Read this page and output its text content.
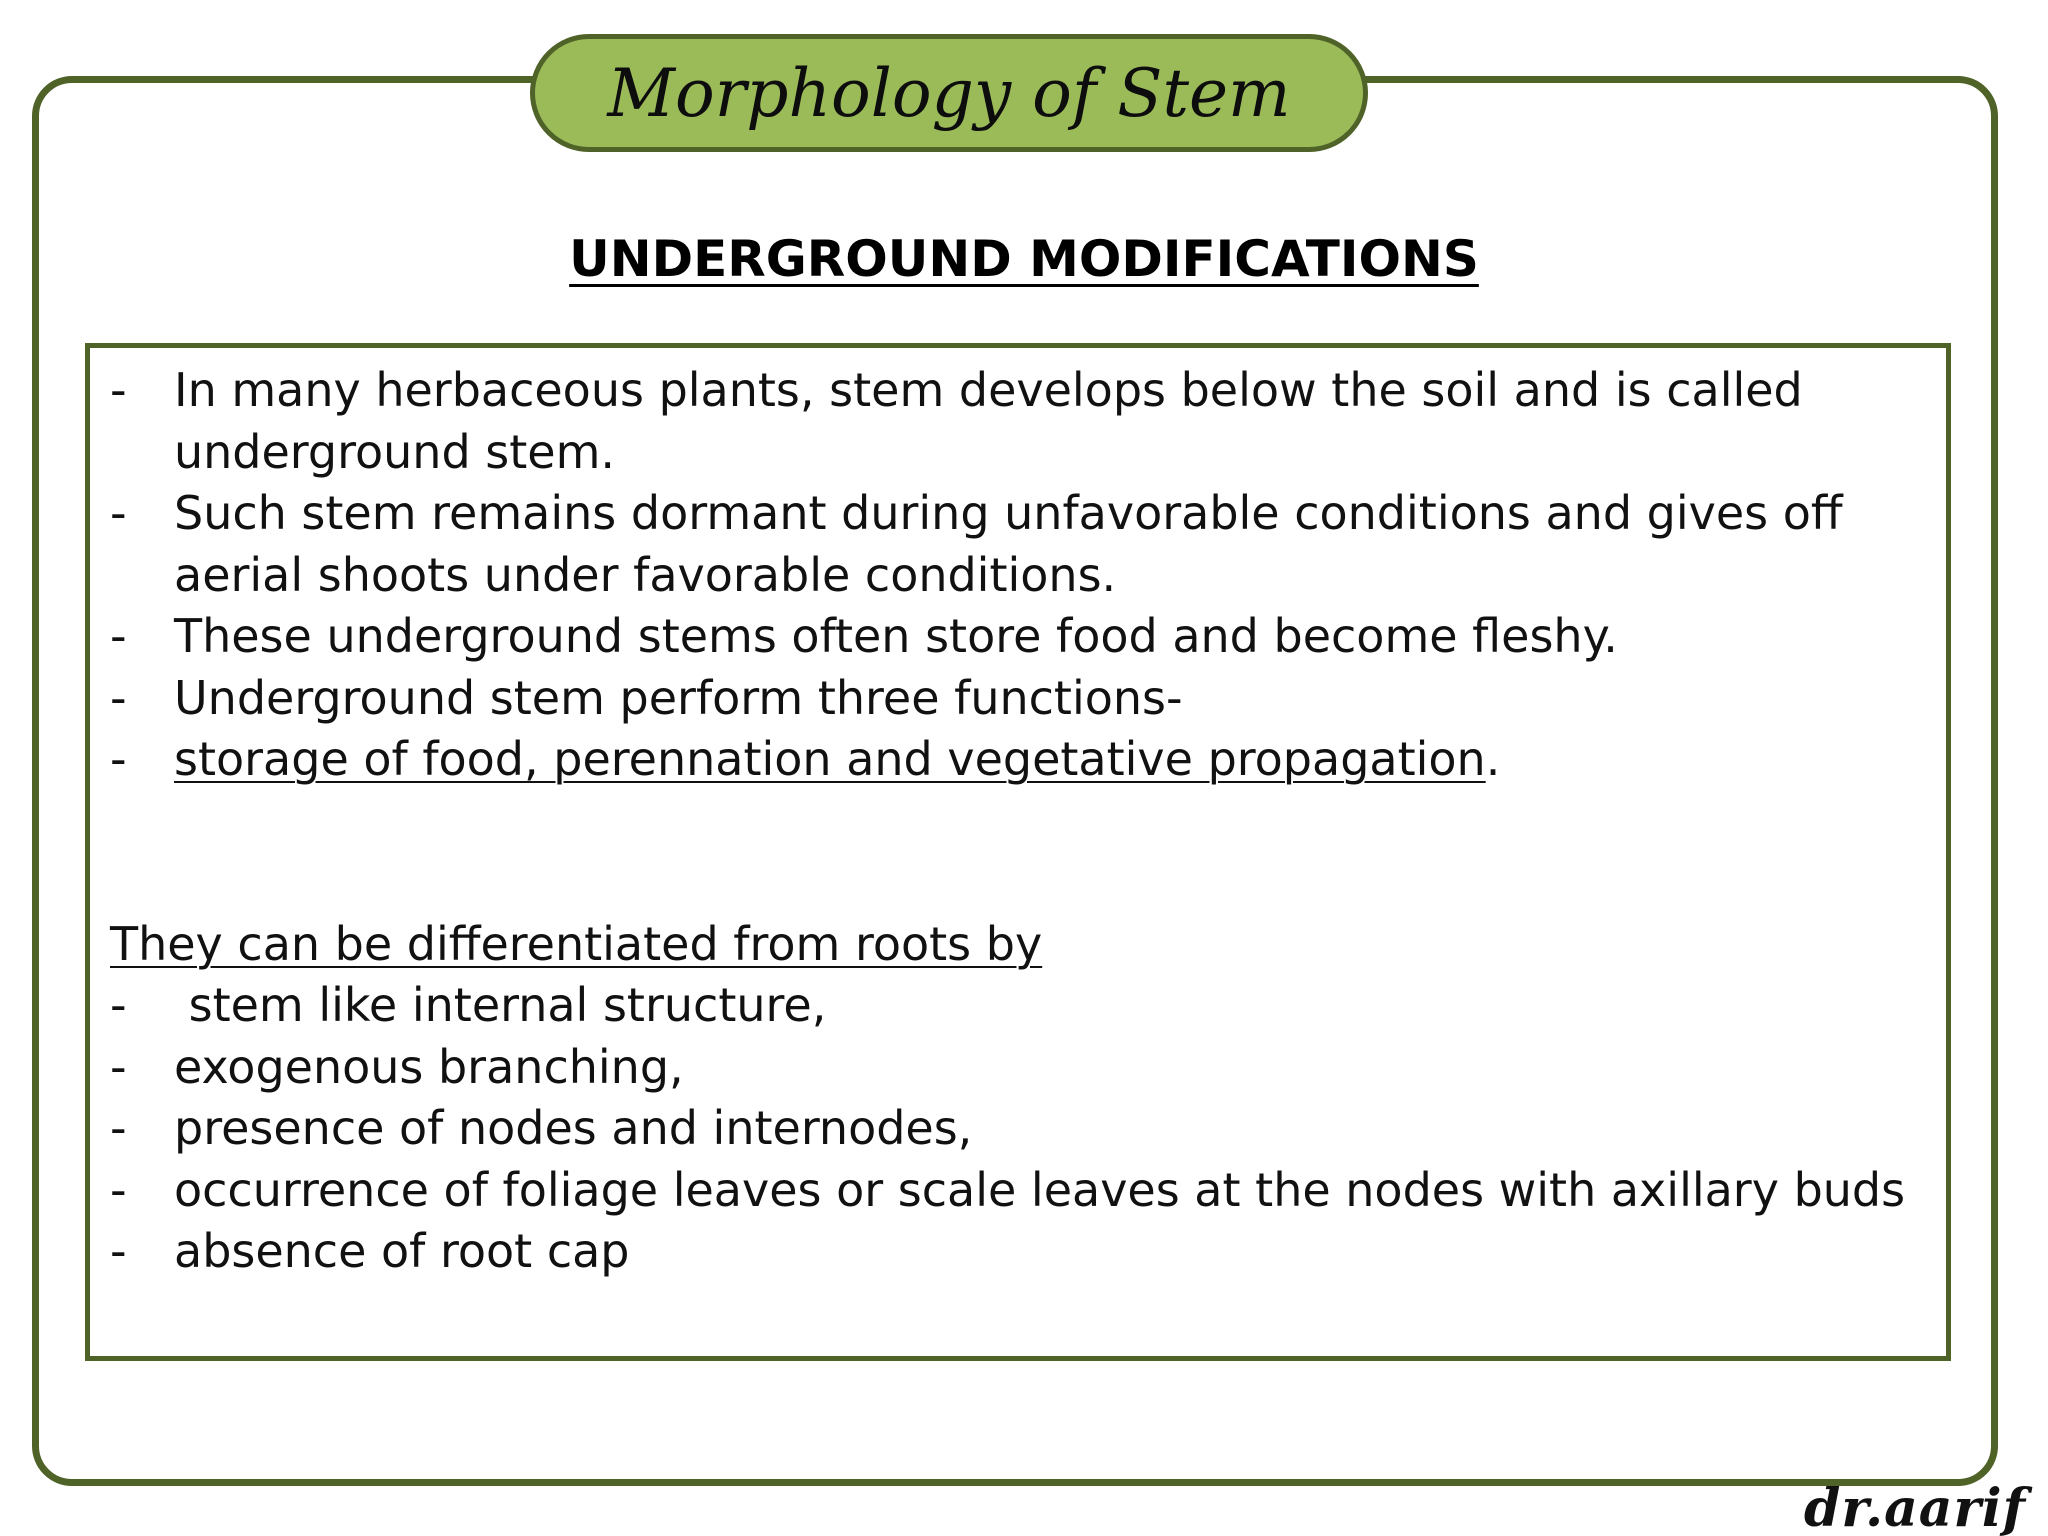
Morphology of Stem
UNDERGROUND MODIFICATIONS
-	In many herbaceous plants, stem develops below the soil and is called underground stem.
-	Such stem remains dormant during unfavorable conditions and gives off aerial shoots under favorable conditions.
-	These underground stems often store food and become fleshy.
-	Underground stem perform three functions-
-	storage of food, perennation and vegetative propagation.
They can be differentiated from roots by
-	stem like internal structure,
-	exogenous branching,
-	presence of nodes and internodes,
-	occurrence of foliage leaves or scale leaves at the nodes with axillary buds
-	absence of root cap
dr.aarif
